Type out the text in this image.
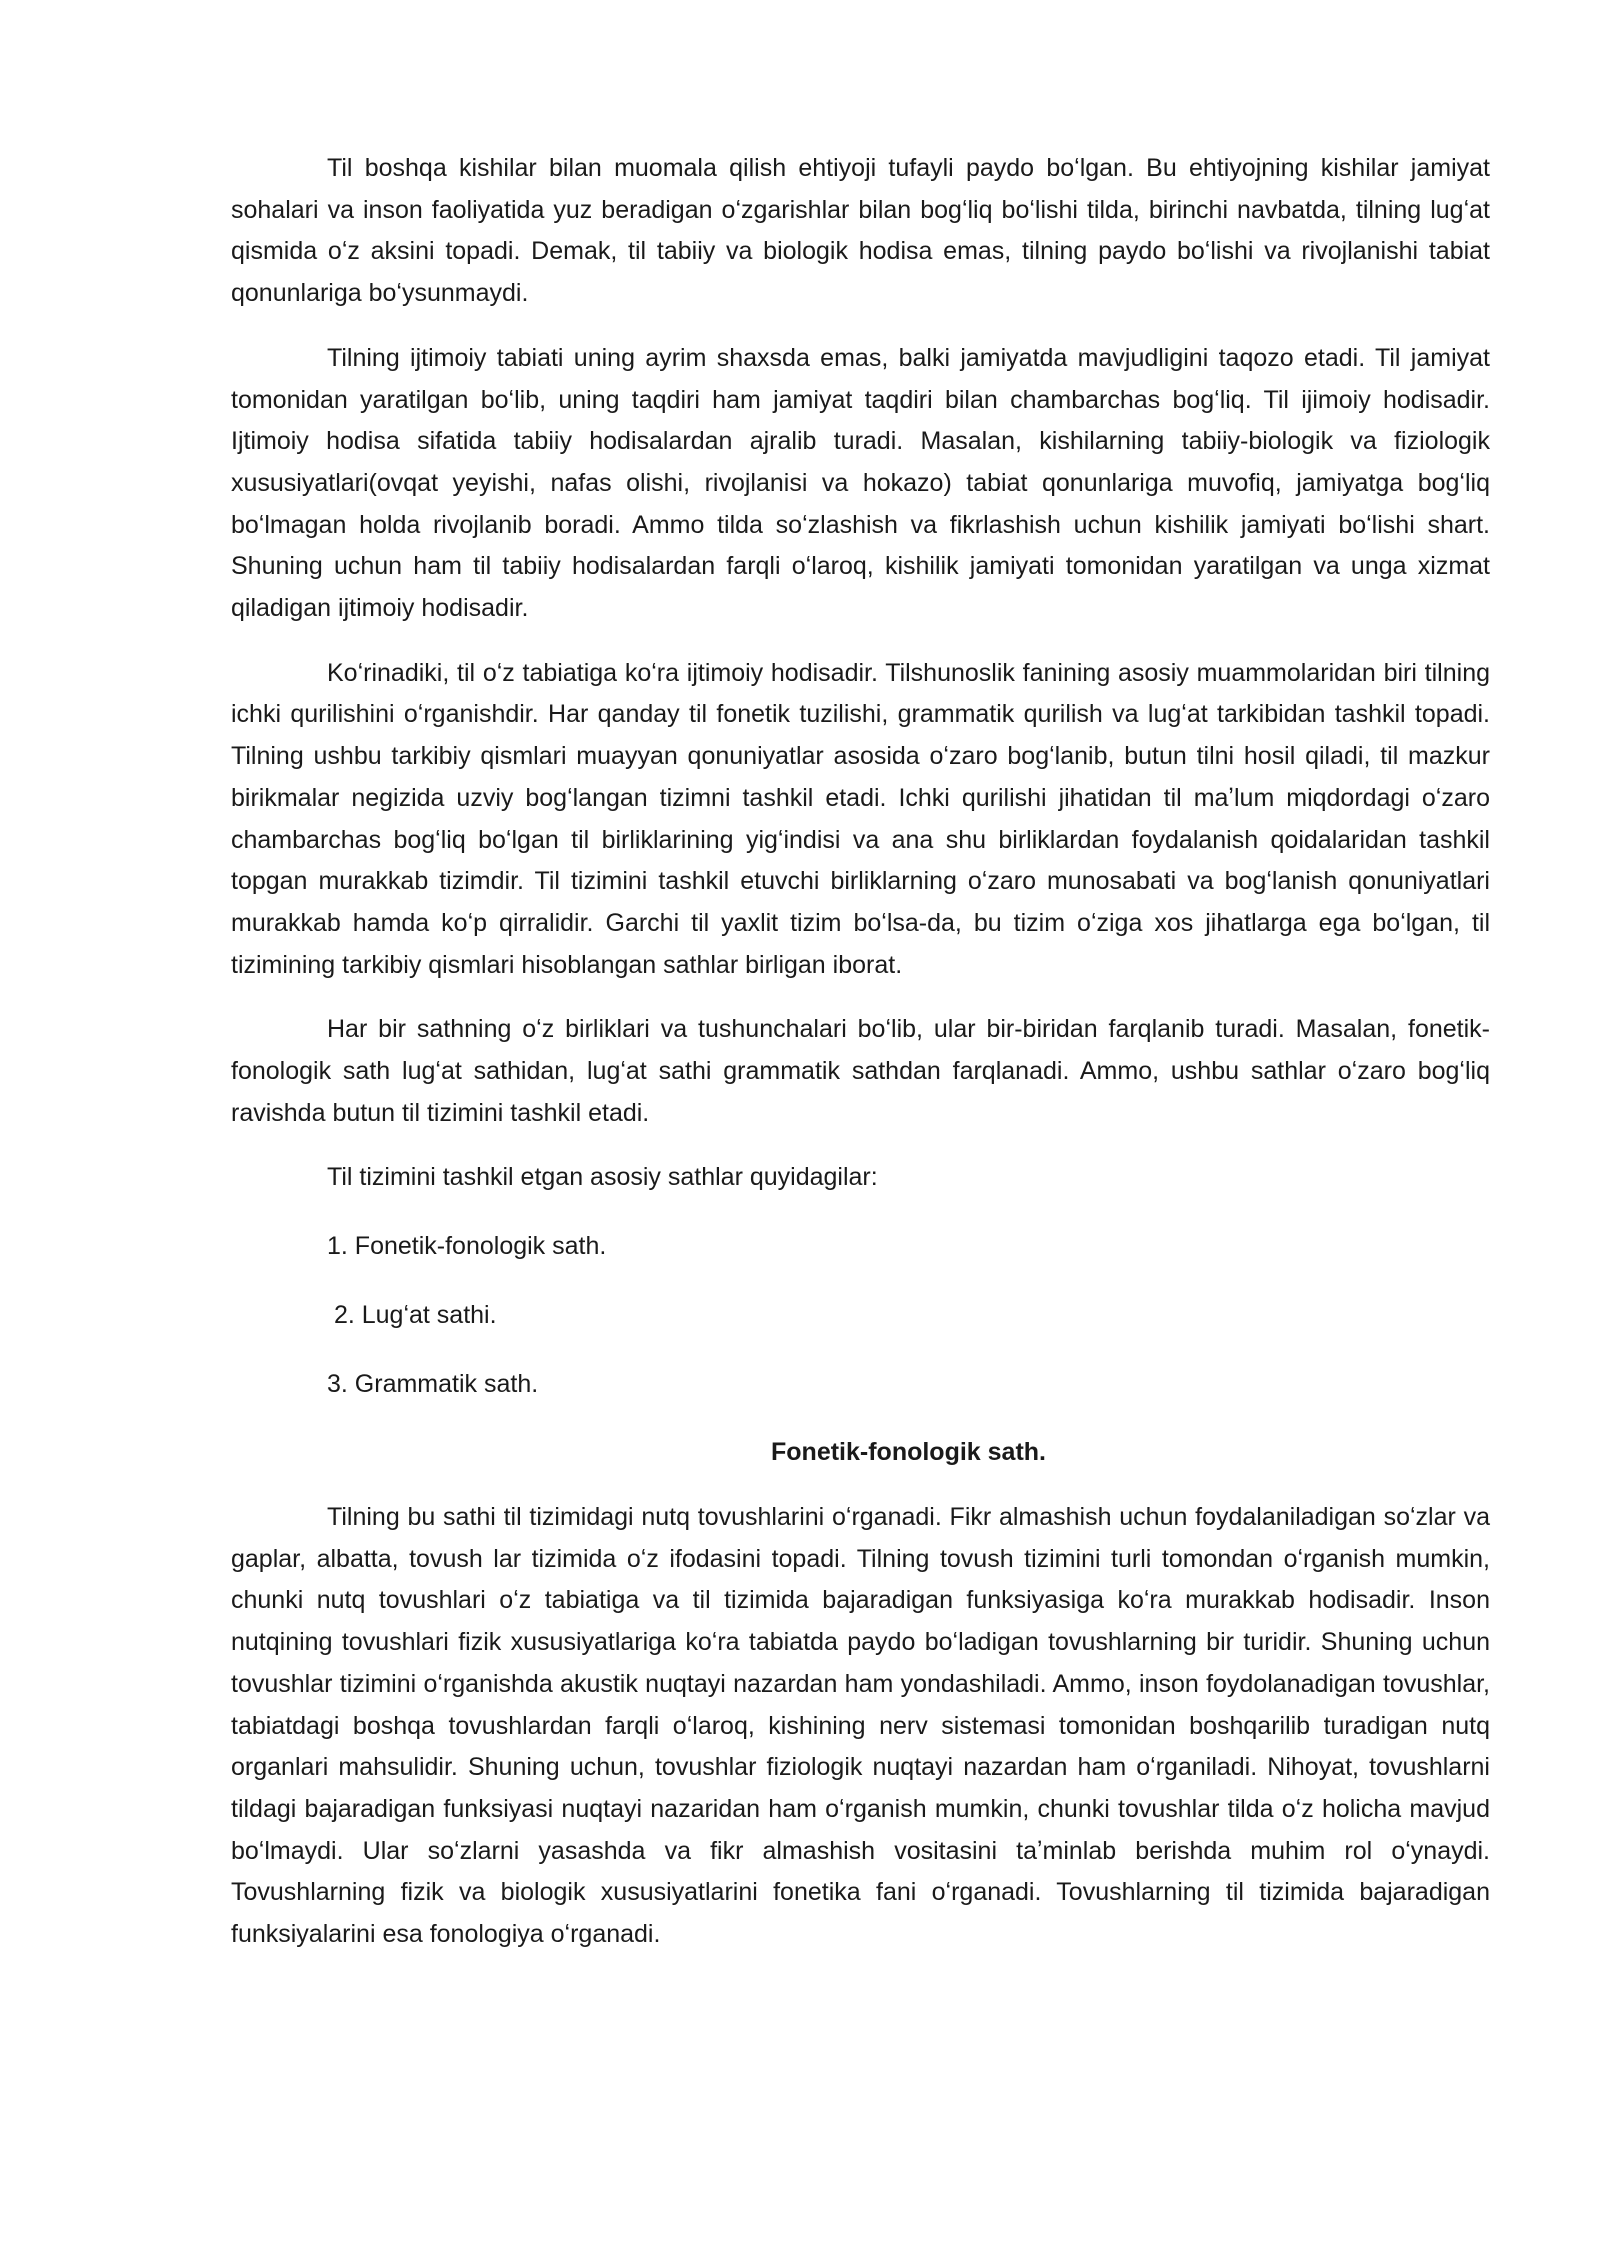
Til boshqa kishilar bilan muomala qilish ehtiyoji tufayli paydo boʻlgan. Bu ehtiyojning kishilar jamiyat sohalari va inson faoliyatida yuz beradigan oʻzgarishlar bilan bogʻliq boʻlishi tilda, birinchi navbatda, tilning lugʻat qismida oʻz aksini topadi. Demak, til tabiiy va biologik hodisa emas, tilning paydo boʻlishi va rivojlanishi tabiat qonunlariga boʻysunmaydi.

Tilning ijtimoiy tabiati uning ayrim shaxsda emas, balki jamiyatda mavjudligini taqozo etadi. Til jamiyat tomonidan yaratilgan boʻlib, uning taqdiri ham jamiyat taqdiri bilan chambarchas bogʻliq. Til ijimoiy hodisadir. Ijtimoiy hodisa sifatida tabiiy hodisalardan ajralib turadi. Masalan, kishilarning tabiiy-biologik va fiziologik xususiyatlari(ovqat yeyishi, nafas olishi, rivojlanisi va hokazo) tabiat qonunlariga muvofiq, jamiyatga bogʻliq boʻlmagan holda rivojlanib boradi. Ammo tilda soʻzlashish va fikrlashish uchun kishilik jamiyati boʻlishi shart. Shuning uchun ham til tabiiy hodisalardan farqli oʻlaroq, kishilik jamiyati tomonidan yaratilgan va unga xizmat qiladigan ijtimoiy hodisadir.

Koʻrinadiki, til oʻz tabiatiga koʻra ijtimoiy hodisadir. Tilshunoslik fanining asosiy muammolaridan biri tilning ichki qurilishini oʻrganishdir. Har qanday til fonetik tuzilishi, grammatik qurilish va lugʻat tarkibidan tashkil topadi. Tilning ushbu tarkibiy qismlari muayyan qonuniyatlar asosida oʻzaro bogʻlanib, butun tilni hosil qiladi, til mazkur birikmalar negizida uzviy bogʻlangan tizimni tashkil etadi. Ichki qurilishi jihatidan til maʼlum miqdordagi oʻzaro chambarchas bogʻliq boʻlgan til birliklarining yigʻindisi va ana shu birliklardan foydalanish qoidalaridan tashkil topgan murakkab tizimdir. Til tizimini tashkil etuvchi birliklarning oʻzaro munosabati va bogʻlanish qonuniyatlari murakkab hamda koʻp qirralidir. Garchi til yaxlit tizim boʻlsa-da, bu tizim oʻziga xos jihatlarga ega boʻlgan, til tizimining tarkibiy qismlari hisoblangan sathlar birligan iborat.

Har bir sathning oʻz birliklari va tushunchalari boʻlib, ular bir-biridan farqlanib turadi. Masalan, fonetik-fonologik sath lugʻat sathidan, lugʻat sathi grammatik sathdan farqlanadi. Ammo, ushbu sathlar oʻzaro bogʻliq ravishda butun til tizimini tashkil etadi.

Til tizimini tashkil etgan asosiy sathlar quyidagilar:

1. Fonetik-fonologik sath.

2. Lugʻat sathi.

3. Grammatik sath.

Fonetik-fonologik sath.

Tilning bu sathi til tizimidagi nutq tovushlarini oʻrganadi. Fikr almashish uchun foydalaniladigan soʻzlar va gaplar, albatta, tovush lar tizimida oʻz ifodasini topadi. Tilning tovush tizimini turli tomondan oʻrganish mumkin, chunki nutq tovushlari oʻz tabiatiga va til tizimida bajaradigan funksiyasiga koʻra murakkab hodisadir. Inson nutqining tovushlari fizik xususiyatlariga koʻra tabiatda paydo boʻladigan tovushlarning bir turidir. Shuning uchun tovushlar tizimini oʻrganishda akustik nuqtayi nazardan ham yondashiladi. Ammo, inson foydolanadigan tovushlar, tabiatdagi boshqa tovushlardan farqli oʻlaroq, kishining nerv sistemasi tomonidan boshqarilib turadigan nutq organlari mahsulidir. Shuning uchun, tovushlar fiziologik nuqtayi nazardan ham oʻrganiladi. Nihoyat, tovushlarni tildagi bajaradigan funksiyasi nuqtayi nazaridan ham oʻrganish mumkin, chunki tovushlar tilda oʻz holicha mavjud boʻlmaydi. Ular soʻzlarni yasashda va fikr almashish vositasini taʼminlab berishda muhim rol oʻynaydi. Tovushlarning fizik va biologik xususiyatlarini fonetika fani oʻrganadi. Tovushlarning til tizimida bajaradigan funksiyalarini esa fonologiya oʻrganadi.
